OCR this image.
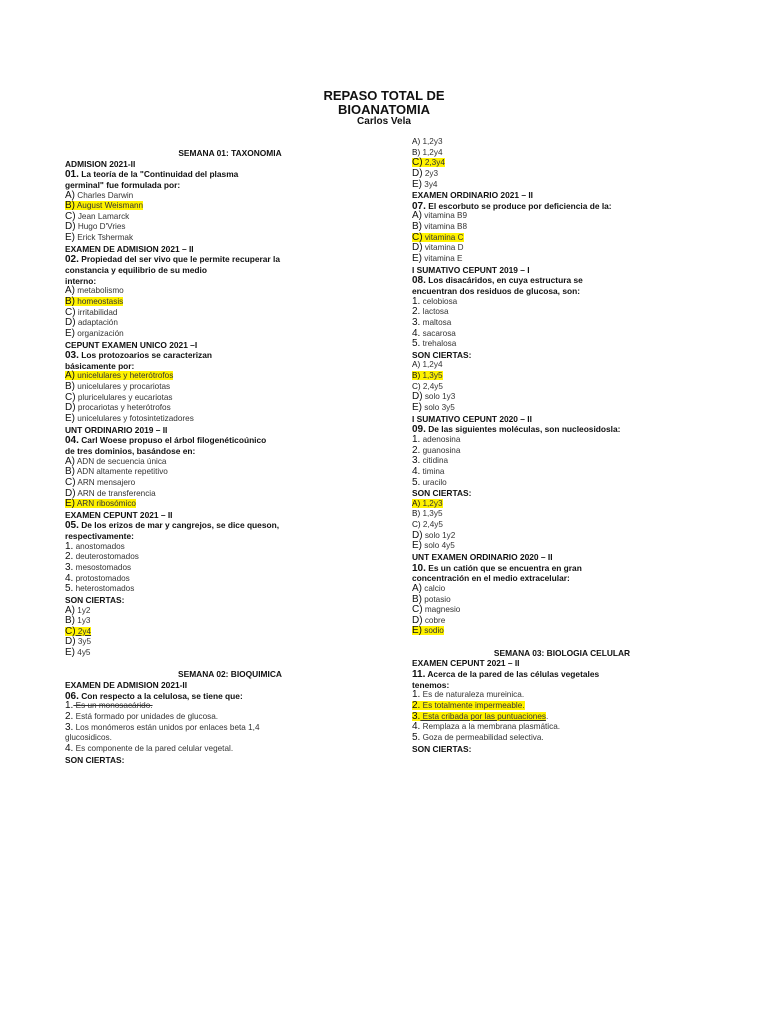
REPASO TOTAL DE
BIOANATOMIA
Carlos Vela
SEMANA 01: TAXONOMIA
ADMISION 2021-II
01. La teoría de la "Continuidad del plasma
germinal" fue formulada por:
A) Charles Darwin
B) August Weismann
C) Jean Lamarck
D) Hugo D'Vries
E) Erick Tshermak
EXAMEN DE ADMISION 2021 – II
02. Propiedad del ser vivo que le permite recuperar la
constancia y equilibrio de su medio
interno:
A) metabolismo
B) homeostasis
C) irritabilidad
D) adaptación
E) organización
CEPUNT EXAMEN UNICO 2021 –I
03. Los protozoarios se caracterizan
básicamente por:
A) unicelulares y heterótrofos
B) unicelulares y procariotas
C) pluricelulares y eucariotas
D) procariotas y heterótrofos
E) unicelulares y fotosintetizadores
UNT ORDINARIO 2019 – II
04. Carl Woese propuso el árbol filogenéticoúnico
de tres dominios, basándose en:
A) ADN de secuencia única
B) ADN altamente repetitivo
C) ARN mensajero
D) ARN de transferencia
E) ARN ribosómico
EXAMEN CEPUNT 2021 – II
05. De los erizos de mar y cangrejos, se dice queson,
respectivamente:
1. anostomados
2. deuterostomados
3. mesostomados
4. protostomados
5. heterostomados
SON CIERTAS:
A) 1y2
B) 1y3
C) 2y4
D) 3y5
E) 4y5
SEMANA 02: BIOQUIMICA
EXAMEN DE ADMISION 2021-II
06. Con respecto a la celulosa, se tiene que:
1. Es un monosacárido.
2. Está formado por unidades de glucosa.
3. Los monómeros están unidos por enlaces beta 1,4
glucosidicos.
4. Es componente de la pared celular vegetal.
SON CIERTAS:
A) 1,2y3
B) 1,2y4
C) 2,3y4
D) 2y3
E) 3y4
EXAMEN ORDINARIO 2021 – II
07. El escorbuto se produce por deficiencia de la:
A) vitamina B9
B) vitamina B8
C) vitamina C
D) vitamina D
E) vitamina E
I SUMATIVO CEPUNT 2019 – I
08. Los disacáridos, en cuya estructura se
encuentran dos residuos de glucosa, son:
1. celobiosa
2. lactosa
3. maltosa
4. sacarosa
5. trehalosa
SON CIERTAS:
A) 1,2y4
B) 1,3y5
C) 2,4y5
D) solo 1y3
E) solo 3y5
I SUMATIVO CEPUNT 2020 – II
09. De las siguientes moléculas, son nucleosidosla:
1. adenosina
2. guanosina
3. citidina
4. timina
5. uracilo
SON CIERTAS:
A) 1,2y3
B) 1,3y5
C) 2,4y5
D) solo 1y2
E) solo 4y5
UNT EXAMEN ORDINARIO 2020 – II
10. Es un catión que se encuentra en gran
concentración en el medio extracelular:
A) calcio
B) potasio
C) magnesio
D) cobre
E) sodio
SEMANA 03: BIOLOGIA CELULAR
EXAMEN CEPUNT 2021 – II
11. Acerca de la pared de las células vegetales
tenemos:
1. Es de naturaleza mureinica.
2. Es totalmente impermeable.
3. Esta cribada por las puntuaciones.
4. Remplaza a la membrana plasmática.
5. Goza de permeabilidad selectiva.
SON CIERTAS:
